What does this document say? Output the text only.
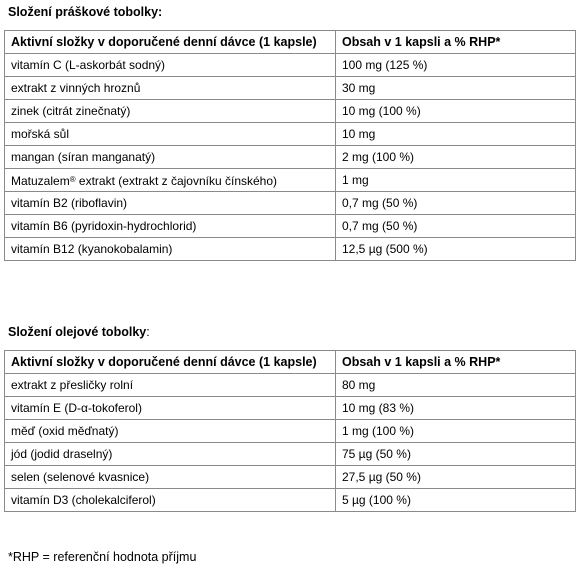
Složení práškové tobolky:
Aktivní složky v doporučené denní dávce (1 kapsle)	Obsah v 1 kapsli a % RHP*
vitamín C (L-askorbát sodný)	100 mg (125 %)
extrakt z vinných hroznů	30 mg
zinek (citrát zinečnatý)	10 mg (100 %)
mořská sůl	10 mg
mangan (síran manganatý)	2 mg (100 %)
Matuzalem® extrakt (extrakt z čajovníku čínského)	1 mg
vitamín B2 (riboflavin)	0,7 mg (50 %)
vitamín B6 (pyridoxin-hydrochlorid)	0,7 mg (50 %)
vitamín B12 (kyanokobalamin)	12,5 µg (500 %)
Složení olejové tobolky:
Aktivní složky v doporučené denní dávce (1 kapsle)	Obsah v 1 kapsli a % RHP*
extrakt z přesličky rolní	80 mg
vitamín E (D-α-tokoferol)	10 mg (83 %)
měď (oxid měďnatý)	1 mg (100 %)
jód (jodid draselný)	75 µg (50 %)
selen (selenové kvasnice)	27,5 µg (50 %)
vitamín D3 (cholekalciferol)	5 µg (100 %)
*RHP = referenční hodnota příjmu
